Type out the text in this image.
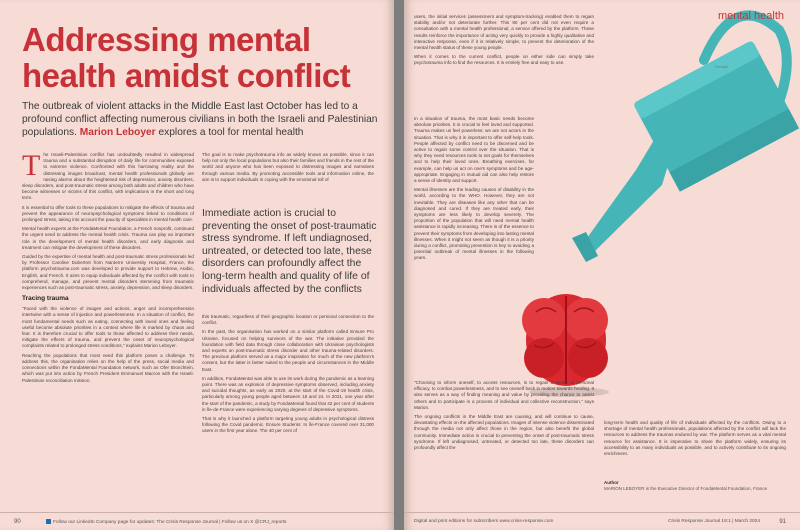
Addressing mental health amidst conflict
The outbreak of violent attacks in the Middle East last October has led to a profound conflict affecting numerous civilians in both the Israeli and Palestinian populations. Marion Leboyer explores a tool for mental health
T he Israeli-Palestinian conflict has undoubtedly resulted in widespread trauma and a substantial disruption of daily life for communities exposed to extreme violence. Confronted with this harrowing reality and the distressing images broadcast, mental health professionals globally are raising alarms about the heightened risk of depression, anxiety disorders, sleep disorders, and post-traumatic stress among both adults and children who have become witnesses or victims of this conflict, with implications in the short and long term.

It is essential to offer tools to these populations to mitigate the effects of trauma and prevent the appearance of neuropsychological symptoms linked to conditions of prolonged stress, taking into account the paucity of specialists in mental health care.

Mental health experts at the FondaMental Foundation, a French nonprofit, continued the urgent need to address the mental health crisis. Trauma can play an important role in the development of mental health disorders, and early diagnosis and treatment can mitigate the development of these disorders.

Guided by the expertise of mental health and post-traumatic stress professionals led by Professor Caroline Dubertret from Nanterre University Hospital, France, the platform psychotrauma.com was developed to provide support to Hebrew, Arabic, English, and French. It aims to equip individuals affected by the conflict with tools to comprehend, manage, and prevent mental disorders stemming from traumatic experiences such as post-traumatic stress, anxiety, depression, and sleep disorders.

Tracing trauma

"Faced with the violence of images and actions, anger and incomprehension intertwine with a sense of injustice and powerlessness. In a situation of conflict, the most fundamental needs such as eating, connecting with loved ones and feeling useful become absolute priorities in a context where life is marked by chaos and fear. It is therefore crucial to offer tools to those affected to address their needs, mitigate the effects of trauma, and prevent the onset of neuropsychological complaints related to prolonged stress conditions," explains Marion Leboyer.

Reaching the populations that most need this platform poses a challenge. To address this, the organisation relies on the help of the press, social media and connections within the FondaMental Foundation network, such as Ofer Bronchtein, which was put into action by French President Emmanuel Macron with the Israeli-Palestinian reconciliation mission.

The goal is to make psychotrauma info as widely known as possible, since it can help not only the local populations but also their families and friends in the rest of the world and anyone who has been exposed to distressing images and narratives through various media. By promoting accessible tools and information online, the aim is to support individuals in coping with the emotional toll of

this traumatic, regardless of their geographic location or personal connection to the conflict.

In the past, the organisation has worked on a similar platform called Ensure Pro Ukraine, focused on helping survivors of the war. The initiative provided the foundation with field data through close collaboration with Ukrainian psychologists and experts on post-traumatic stress disorder and other trauma-related disorders. The previous platform served as a major inspiration for much of the new platform's content, but the latter is better suited to the people and circumstances in the Middle East.

In addition, FondaMental was able to use its work during the pandemic as a learning point. There was an explosion of depressive symptoms observed, including anxiety and suicidal thoughts, as early as 2020, at the start of the Covid-19 health crisis, particularly among young people aged between 18 and 24. In 2021, one year after the start of the pandemic, a study by FondaMental found that 42 per cent of students in Île-de-France were experiencing varying degrees of depressive symptoms.

That is why it launched a platform targeting young adults in psychological distress following the Covid pandemic. Ensure Students: In île-France covered over 31,000 users in the first year alone. The 40 per cent of

Immediate action is crucial to preventing the onset of post-traumatic stress syndrome. If left undiagnosed, untreated, or detected too late, these disorders can profoundly affect the long-term health and quality of life of individuals affected by the conflicts
90	Follow our LinkedIn Company page for updates: The Crisis Response Journal | Follow us on X @CRJ_reports
mental health
Freepik

users, the initial services (assessment and symptom-tracking) enabled them to regain stability and/or not deteriorate further. This 80 per cent did not even require a consultation with a mental health professional, a service offered by the platform. These results reinforce the importance of acting very quickly to provide a highly qualitative and interactive response, even if it is relatively simple, to prevent the deterioration of the mental health status of these young people.

When it comes to the current conflict, people on either side can simply take psychotrauma info to find the resources. It is entirely free and easy to use.

In a situation of trauma, the most basic needs become absolute priorities. It is crucial to feel loved and supported. Trauma makes us feel powerless; we are not actors in the situation. That is why it is important to offer self-help tools. People affected by conflict need to be discerned and be active to regain some control over the situation. That is why they need resources tools to set goals for themselves and to help their loved ones. Breathing exercises, for example, can help us act on one's symptoms and be age-appropriate. Engaging in mutual aid can also help restore a sense of identity and support.

Mental illnesses are the leading causes of disability in the world, according to the WHO. However, they are not inevitable. They are diseases like any other that can be diagnosed and cured. If they are treated early, their symptoms are less likely to develop severely. The proportion of the population that will need mental health assistance is rapidly increasing. There is of the essence to prevent their symptoms from developing into lasting mental illnesses. When it might not seem as though it is a priority during a conflict, promoting prevention is key to avoiding a potential outbreak of mental illnesses in the following years.

"Choosing to inform oneself, to access resources, is to regain a sense of personal efficacy, to combat powerlessness, and to see oneself back in motion towards healing. It also serves as a way of finding meaning and value by providing the chance to assist others and to participate in a process of individual and collective reconstruction," says Marion.

The ongoing conflicts in the Middle East are causing, and will continue to cause, devastating effects on the affected populations. Images of intense violence disseminated through the media not only affect those in the region, but also benefit the global community. Immediate action is crucial to preventing the onset of post-traumatic stress syndrome. If left undiagnosed, untreated, or detected too late, these disorders can profoundly affect the

long-term health and quality of life of individuals affected by the conflicts. Owing to a shortage of mental health professionals, populations affected by the conflict will lack the resources to address the traumas endured by war. The platform serves as a vital mental resource for assistance. It is imperative to share the platform widely, ensuring its accessibility to as many individuals as possible, and to actively contribute to its ongoing enrichment.

Author
MARION LEBOYER is the Executive Director of FondaMental Foundation, France
Digital and print editions for subscribers www.crisis-response.com	Crisis Response Journal 19:1 | March 2024	91
